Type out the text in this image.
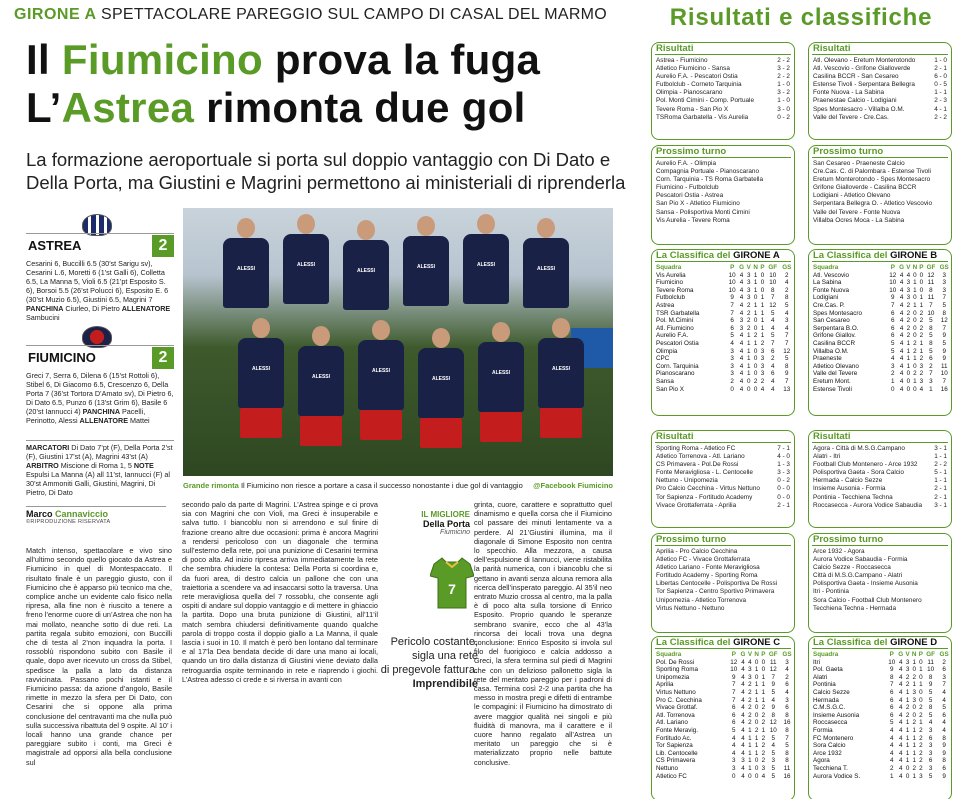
GIRONE A SPETTACOLARE PAREGGIO SUL CAMPO DI CASAL DEL MARMO
Il Fiumicino prova la fuga
L’Astrea rimonta due gol
La formazione aeroportuale si porta sul doppio vantaggio con Di Dato e Della Porta, ma Giustini e Magrini permettono ai ministeriali di riprenderla
ASTREA	2
Cesarini 6, Buccilli 6.5 (30’st Sarigu sv), Cesarini L.6, Moretti 6 (1’st Galli 6), Colletta 6.5, La Manna 5, Violi 6.5 (21’pt Esposito S. 6), Borsoi 5.5 (26’st Polucci 6), Esposito E. 6 (30’st Muzio 6.5), Giustini 6.5, Magrini 7 PANCHINA Ciurleo, Di Pietro ALLENATORE Sambucini
FIUMICINO	2
Greci 7, Serra 6, Dilena 6 (15’st Rottoli 6), Stibel 6, Di Giacomo 6.5, Crescenzo 6, Della Porta 7 (36’st Tortora D’Amato sv), Di Pietro 6, Di Dato 6.5, Punzo 6 (13’st Grim 6), Basile 6 (20’st Iannucci 4) PANCHINA Pacelli, Perinotto, Alessi ALLENATORE Mattei
MARCATORI Di Dato 7’pt (F), Della Porta 2’st (F), Giustini 17’st (A), Magrini 43’st (A) ARBITRO Miscione di Roma 1, 5 NOTE Espulsi La Manna (A) all 11’st, Iannucci (F) al 30’st Ammoniti Galli, Giustini, Magrini, Di Pietro, Di Dato
ALESSI
ALESSI
ALESSI
ALESSI	ALESSI
ALESSI
ALESSI
ALESSI
ALESSI
ALESSI
ALESSI
ALESSI
Grande rimonta Il Fiumicino non riesce a portare a casa il successo nonostante i due gol di vantaggio @Facebook Fiumicino
Marco Cannaviccio
©RIPRODUZIONE RISERVATA
Match intenso, spettacolare e vivo sino all’ultimo secondo quello giocato da Astrea e Fiumicino in quel di Montespaccato. Il risultato finale è un pareggio giusto, con il Fiumicino che è apparso più tecnico ma che, complice anche un evidente calo fisico nella ripresa, alla fine non è riuscito a tenere a freno l’enorme cuore di un’Astrea che non ha mai mollato, neanche sotto di due reti. La partita regala subito emozioni, con Buccilli che di testa al 2’non inquadra la porta. I rossoblù rispondono subito con Basile il quale, dopo aver ricevuto un cross da Stibel, spedisce la palla a lato da distanza ravvicinata. Passano pochi istanti e il Fiumicino passa: da azione d’angolo, Basile rimette in mezzo la sfera per Di Dato, con Cesarini che si oppone alla prima conclusione del centravanti ma che nulla può sulla successiva ribattuta del 9 ospite. Al 10’ i locali hanno una grande chance per pareggiare subito i conti, ma Greci è magistrale ad opporsi alla bella conclusione sul
secondo palo da parte di Magrini. L’Astrea spinge e ci prova sia con Magrini che con Violi, ma Greci è insuperabile e salva tutto. I biancoblu non si arrendono e sul finire di frazione creano altre due occasioni: prima è ancora Magrini a rendersi pericoloso con un diagonale che termina sull’esterno della rete, poi una punizione di Cesarini termina di poco alta. Ad inizio ripresa arriva immediatamente la rete che sembra chiudere la contesa: Della Porta si coordina e, da fuori area, di destro calcia un pallone che con una traiettoria a scendere va ad insaccarsi sotto la traversa. Una rete meravigliosa quella del 7 rossoblu, che consente agli ospiti di andare sul doppio vantaggio e di mettere in ghiaccio la partita. Dopo una bruta punizione di Giustini, all’11’il match sembra chiudersi definitivamente quando qualche parola di troppo costa il doppio giallo a La Manna, il quale lascia i suoi in 10. Il match è però ben lontano dal terminare e al 17’la Dea bendata decide di dare una mano ai locali, quando un tiro dalla distanza di Giustini viene deviato dalla retroguardia ospite terminando in rete e riaprendo i giochi. L’Astrea adesso ci crede e si riversa in avanti con
grinta, cuore, carattere e soprattutto quel dinamismo e quella corsa che il Fiumicino col passare dei minuti lentamente va a perdere. Al 21’Giustini illumina, ma il diagonale di Simone Esposito non centra lo specchio. Alla mezzora, a causa dell’espulsione di Iannucci, viene ristabilita la parità numerica, con i biancoblu che si gettano in avanti senza alcuna remora alla ricerca dell’insperato pareggio. Al 35’il neo entrato Muzio crossa al centro, ma la palla è di poco alta sulla torsione di Enrico Esposito. Proprio quando le speranze sembrano svanire, ecco che al 43’la rincorsa dei locali trova una degna conclusione: Enrico Esposito si invola sul filo del fuorigioco e calcia addosso a Greci, la sfera termina sul piedi di Magrini che con un delizioso pallonetto sigla la rete del meritato pareggio per i padroni di casa. Termina così 2-2 una partita che ha messo in mostra pregi e difetti di entrambe le compagini: il Fiumicino ha dimostrato di avere maggior qualità nei singoli e più fluidità di manovra, ma il carattere e il cuore hanno regalato all’Astrea un meritato un pareggio che si è materializzato proprio nelle battute conclusive.
IL MIGLIORE
Della Porta
Fiumicino
7
Pericolo costante,
sigla una rete
di pregevole fattura.
Imprendibile
Risultati e classifiche
Risultati
Astrea - Fiumicino	2 - 2
Atletico Fiumicino - Sansa	3 - 2
Aurelio F.A. - Pescatori Ostia	2 - 2
Futbolclub - Corneto Tarquinia	1 - 0
Olimpia - Pianoscarano	3 - 2
Pol. Monti Cimini - Comp. Portuale	1 - 0
Tevere Roma - San Pio X	3 - 0
TSRoma Garbatella - Vis Aurelia	0 - 2
Prossimo turno
Aurelio F.A. - Olimpia
Compagnia Portuale - Pianoscarano
Corn. Tarquinia - TS Roma Garbatella
Fiumicino - Futbolclub
Pescatori Ostia - Astrea
San Pio X - Atletico Fiumicino
Sansa - Polisportiva Monti Cimini
Vis Aurelia - Tevere Roma
La Classifica del GIRONE A
Squadra	P	G	V	N	P	GF	GS
Vis Aurelia	10	4	3	1	0	10	2
Fiumicino	10	4	3	1	0	10	4
Tevere Roma	10	4	3	1	0	8	2
Futbolclub	9	4	3	0	1	7	8
Astrea	7	4	2	1	1	12	5
TSR Garbatella	7	4	2	1	1	5	4
Pol. M.Cimini	6	3	2	0	1	4	3
Atl. Fiumicino	6	3	2	0	1	4	4
Aurelio F.A.	5	4	1	2	1	5	7
Pescatori Ostia	4	4	1	1	2	7	7
Olimpia	3	4	1	0	3	6	12
CPC	3	4	1	0	3	2	5
Corn. Tarquinia	3	4	1	0	3	4	8
Pianoscarano	3	4	1	0	3	6	9
Sansa	2	4	0	2	2	4	7
San Pio X	0	4	0	0	4	4	13
Risultati
Atl. Olevano - Eretum Monterotondo	1 - 0
Atl. Vescovio - Grifone Gialloverde	2 - 1
Casilina BCCR - San Cesareo	6 - 0
Estense Tivoli - Serpentara Bellegra	0 - 5
Fonte Nuova - La Sabina	1 - 1
Praenestae Calcio - Lodigiani	2 - 3
Spes Montesacro - Villalba O.M.	4 - 1
Valle del Tevere - Cre.Cas.	2 - 2
Prossimo turno
San Cesareo - Praeneste Calcio
Cre.Cas. C. di Palombara - Estense Tivoli
Eretum Monterotondo - Spes Montesacro
Grifone Gialloverde - Casilina BCCR
Lodigiani - Atletico Olevano
Serpentara Bellegra O. - Atletico Vescovio
Valle del Tevere - Fonte Nuova
Villalba Ocres Moca - La Sabina
La Classifica del GIRONE B
Squadra	P	G	V	N	P	GF	GS
Atl. Vescovio	12	4	4	0	0	12	3
La Sabina	10	4	3	1	0	11	3
Fonte Nuova	10	4	3	1	0	8	3
Lodigiani	9	4	3	0	1	11	7
Cre.Cas. P.	7	4	2	1	1	7	5
Spes Montesacro	6	4	2	0	2	10	8
San Cesareo	6	4	2	0	2	5	12
Serpentara B.O.	6	4	2	0	2	8	7
Grifone Giallov.	6	4	2	0	2	5	9
Casilina BCCR	5	4	1	2	1	8	5
Villalba O.M.	5	4	1	2	1	5	9
Praeneste	4	4	1	1	2	6	9
Atletico Olevano	3	4	1	0	3	2	11
Valle del Tevere	2	4	0	2	2	7	10
Eretum Mont.	1	4	0	1	3	3	7
Estense Tivoli	0	4	0	0	4	1	16
Risultati
Sporting Roma - Atletico FC	7 - 1
Atletico Torrenova - Atl. Lariano	4 - 0
CS Primavera - Pol.De Rossi	1 - 3
Fonte Meravigliosa - L. Centocelle	3 - 3
Nettuno - Unipomezia	0 - 2
Pro Calcio Cecchina - Virtus Nettuno	0 - 0
Tor Sapienza - Fortitudo Academy	0 - 0
Vivace Grottaferrata - Aprilia	2 - 1
Prossimo turno
Aprilia - Pro Calcio Cecchina
Atletico FC - Vivace Grottaferrata
Atletico Lariano - Fonte Meravigliosa
Fortitudo Academy - Sporting Roma
Libertas Centocelle - Polisportiva De Rossi
Tor Sapienza - Centro Sportivo Primavera
Unipomezia - Atletico Torrenova
Virtus Nettuno - Nettuno
La Classifica del GIRONE C
Squadra	P	G	V	N	P	GF	GS
Pol. De Rossi	12	4	4	0	0	11	3
Sporting Roma	10	4	3	1	0	12	4
Unipomezia	9	4	3	0	1	7	2
Aprilia	7	4	2	1	1	9	6
Virtus Nettuno	7	4	2	1	1	5	4
Pro C. Cecchina	7	4	2	1	1	4	3
Vivace Grottaf.	6	4	2	0	2	9	6
Atl. Torrenova	6	4	2	0	2	8	8
Atl. Lariano	6	4	2	0	2	12	16
Fonte Meravig.	5	4	1	2	1	10	8
Fortitudo Ac.	4	4	1	1	2	5	7
Tor Sapienza	4	4	1	1	2	4	5
Lib. Centocelle	4	4	1	1	2	5	8
CS Primavera	3	3	1	0	2	3	8
Nettuno	3	4	1	0	3	5	11
Atletico FC	0	4	0	0	4	5	16
Risultati
Agora - Città di M.S.G.Campano	3 - 1
Alatri - Itri	1 - 1
Football Club Montenero - Arce 1932	2 - 2
Polisportiva Gaeta - Sora Calcio	5 - 1
Hermada - Calcio Sezze	1 - 1
Insieme Ausonia - Formia	2 - 1
Pontinia - Tecchiena Techna	2 - 1
Roccasecca - Aurora Vodice Sabaudia 3 - 1
Prossimo turno
Arce 1932 - Agora
Aurora Vodice Sabaudia - Formia
Calcio Sezze - Roccasecca
Città di M.S.G.Campano - Alatri
Polisportiva Gaeta - Insieme Ausonia
Itri - Pontinia
Sora Calcio - Football Club Montenero
Tecchiena Techna - Hermada
La Classifica del GIRONE D
Squadra	P	G	V	N	P	GF	GS
Itri	10	4	3	1	0	11	2
Pol. Gaeta	9	4	3	0	1	10	6
Alatri	8	4	2	2	0	8	3
Pontinia	7	4	2	1	1	9	7
Calcio Sezze	6	4	1	3	0	5	4
Hermada	6	4	1	3	0	5	4
C.M.S.G.C.	6	4	2	0	2	8	5
Insieme Ausonia	6	4	2	0	2	5	6
Roccasecca	5	4	1	2	1	4	4
Formia	4	4	1	1	2	3	4
FC Montenero	4	4	1	1	2	6	8
Sora Calcio	4	4	1	1	2	3	9
Arce 1932	4	4	1	1	2	3	9
Agora	4	4	1	1	2	6	8
Tecchiena T.	2	4	0	2	2	3	6
Aurora Vodice S.	1	4	0	1	3	5	9
